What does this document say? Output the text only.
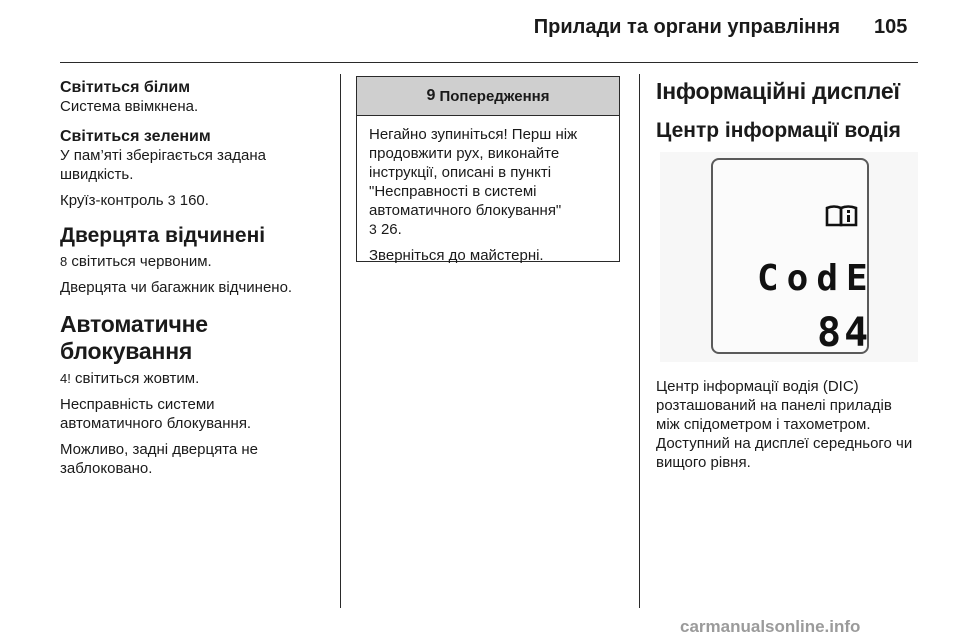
Прилади та органи управління 105

Світиться білим

Система ввімкнена.

Світиться зеленим

У пам’яті зберігається задана швидкість.

Круїз-контроль 3 160.

Дверцята відчинені

8 світиться червоним.

Дверцята чи багажник відчинено.

Автоматичне блокування

4! світиться жовтим.

Несправність системи автоматичного блокування.

Можливо, задні дверцята не заблоковано.

9 Попередження

Негайно зупиніться! Перш ніж продовжити рух, виконайте інструкції, описані в пункті "Несправності в системі автоматичного блокування"
3 26.

Зверніться до майстерні.

Інформаційні дисплеї

Центр інформації водія

CodE
84

Центр інформації водія (DIC) розташований на панелі приладів між спідометром і тахометром. Доступний на дисплеї середнього чи вищого рівня.

carmanualsonline.info
